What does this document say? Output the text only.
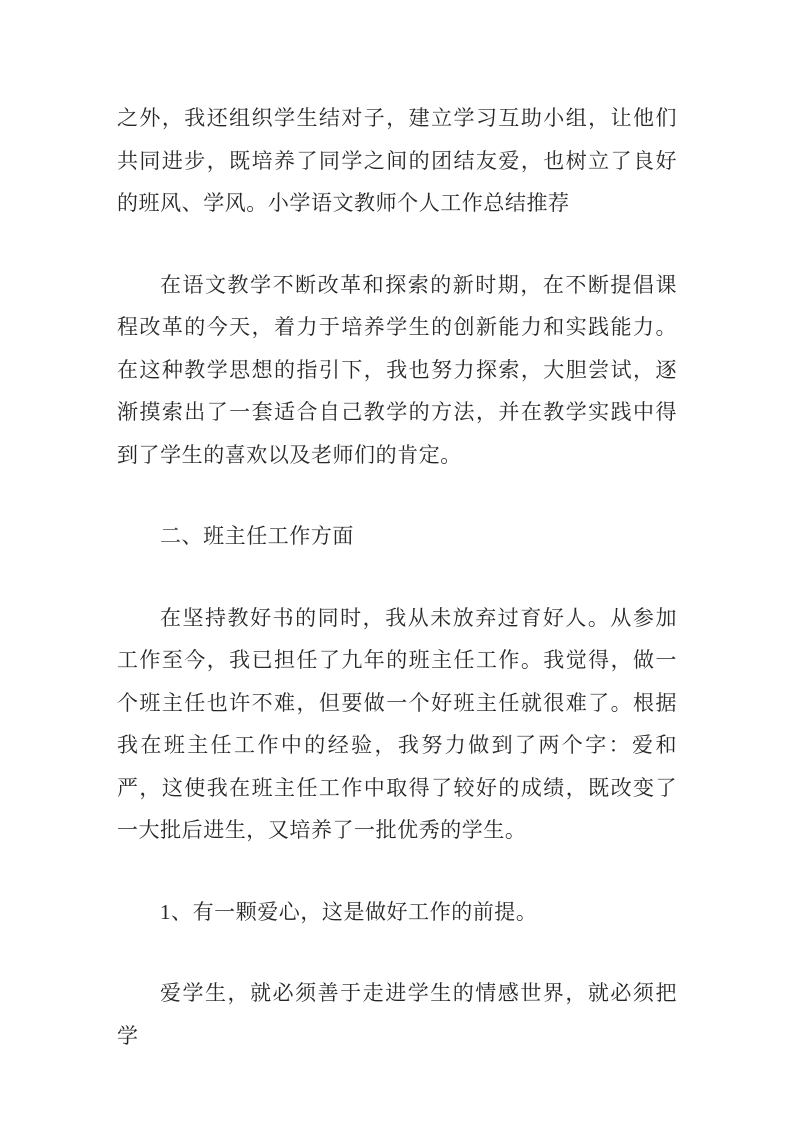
之外，我还组织学生结对子，建立学习互助小组，让他们共同进步，既培养了同学之间的团结友爱，也树立了良好的班风、学风。小学语文教师个人工作总结推荐

在语文教学不断改革和探索的新时期，在不断提倡课程改革的今天，着力于培养学生的创新能力和实践能力。在这种教学思想的指引下，我也努力探索，大胆尝试，逐渐摸索出了一套适合自己教学的方法，并在教学实践中得到了学生的喜欢以及老师们的肯定。

二、班主任工作方面

在坚持教好书的同时，我从未放弃过育好人。从参加工作至今，我已担任了九年的班主任工作。我觉得，做一个班主任也许不难，但要做一个好班主任就很难了。根据我在班主任工作中的经验，我努力做到了两个字：爱和严，这使我在班主任工作中取得了较好的成绩，既改变了一大批后进生，又培养了一批优秀的学生。

1、有一颗爱心，这是做好工作的前提。

爱学生，就必须善于走进学生的情感世界，就必须把学
